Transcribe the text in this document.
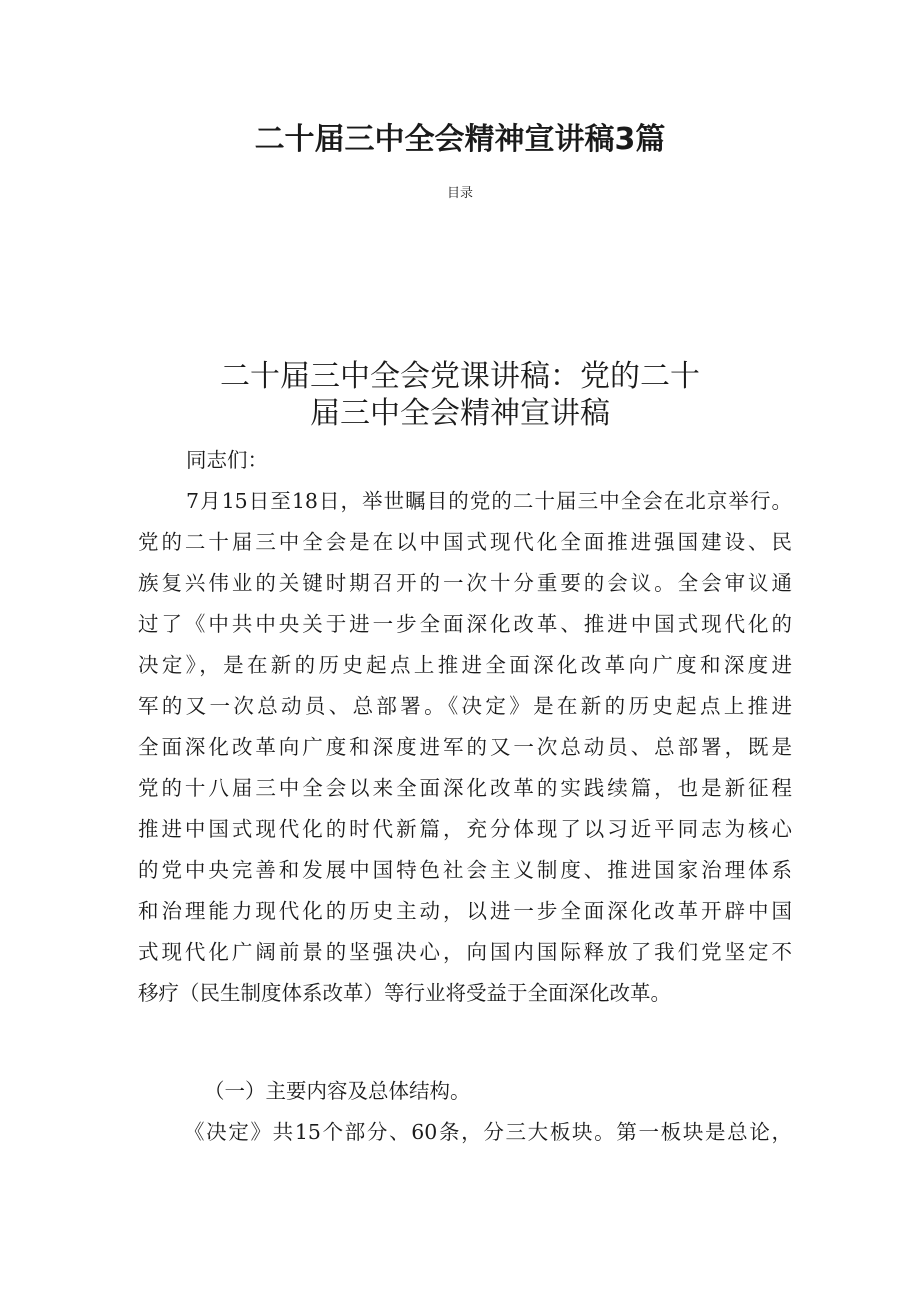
二十届三中全会精神宣讲稿3篇
目录
二十届三中全会党课讲稿：党的二十
届三中全会精神宣讲稿
同志们：
7月15日至18日，举世瞩目的党的二十届三中全会在北京举行。
党的二十届三中全会是在以中国式现代化全面推进强国建设、民
族复兴伟业的关键时期召开的一次十分重要的会议。全会审议通
过了《中共中央关于进一步全面深化改革、推进中国式现代化的
决定》，是在新的历史起点上推进全面深化改革向广度和深度进
军的又一次总动员、总部署。《决定》是在新的历史起点上推进
全面深化改革向广度和深度进军的又一次总动员、总部署，既是
党的十八届三中全会以来全面深化改革的实践续篇，也是新征程
推进中国式现代化的时代新篇，充分体现了以习近平同志为核心
的党中央完善和发展中国特色社会主义制度、推进国家治理体系
和治理能力现代化的历史主动，以进一步全面深化改革开辟中国
式现代化广阔前景的坚强决心，向国内国际释放了我们党坚定不
移疗（民生制度体系改革）等行业将受益于全面深化改革。
（一）主要内容及总体结构。
《决定》共15个部分、60条，分三大板块。第一板块是总论，
